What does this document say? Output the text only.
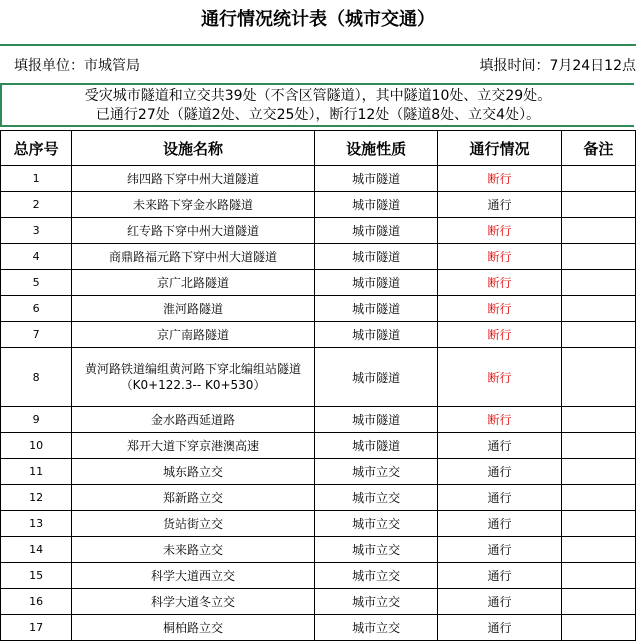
通行情况统计表（城市交通）
填报单位：市城管局	填报时间：7月24日12点
受灾城市隧道和立交共39处（不含区管隧道），其中隧道10处、立交29处。
已通行27处（隧道2处、立交25处），断行12处（隧道8处、立交4处）。
总序号	设施名称	设施性质	通行情况	备注
1	纬四路下穿中州大道隧道	城市隧道	断行	
2	未来路下穿金水路隧道	城市隧道	通行	
3	红专路下穿中州大道隧道	城市隧道	断行	
4	商鼎路福元路下穿中州大道隧道	城市隧道	断行	
5	京广北路隧道	城市隧道	断行	
6	淮河路隧道	城市隧道	断行	
7	京广南路隧道	城市隧道	断行	
8	黄河路铁道编组黄河路下穿北编组站隧道
（K0+122.3-- K0+530）	城市隧道	断行	
9	金水路西延道路	城市隧道	断行	
10	郑开大道下穿京港澳高速	城市隧道	通行	
11	城东路立交	城市立交	通行	
12	郑新路立交	城市立交	通行	
13	货站街立交	城市立交	通行	
14	未来路立交	城市立交	通行	
15	科学大道西立交	城市立交	通行	
16	科学大道冬立交	城市立交	通行	
17	桐柏路立交	城市立交	通行	
